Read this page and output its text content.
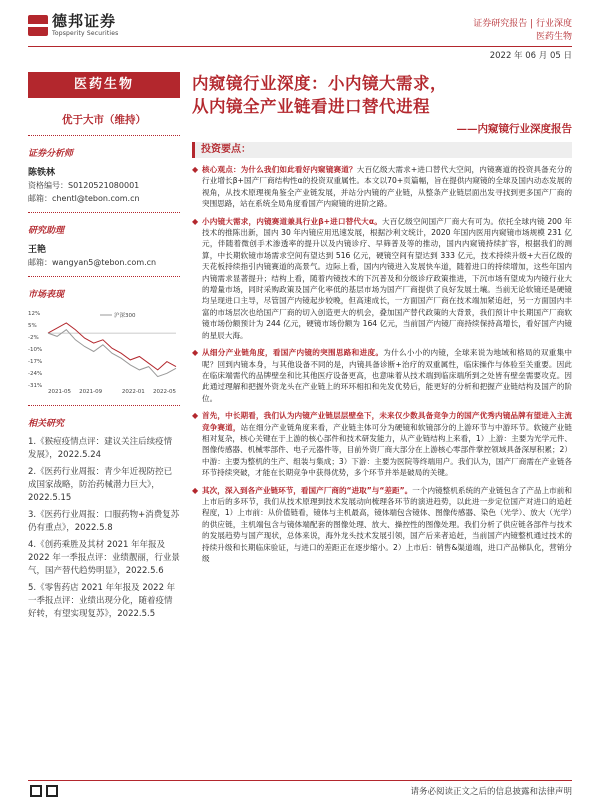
德邦证券
Topsperity Securities
证券研究报告 | 行业深度
医药生物
2022 年 06 月 05 日
医药生物
优于大市（维持）
证券分析师
陈铁林
资格编号：S0120521080001
邮箱：chentl@tebon.com.cn
研究助理
王艳
邮箱：wangyan5@tebon.com.cn
市场表现
12%
5%
-2%
-10%
-17%
-24%
-31%
沪深300
2021-05 2021-09	2022-01 2022-05
相关研究
1.《猴痘疫情点评：建议关注后续疫情发展》，2022.5.24
2.《医药行业周报：青少年近视防控已成国家战略，防治药械潜力巨大》，2022.5.15
3.《医药行业周报：口服药物+消费复苏仍有重点》，2022.5.8
4.《创药乘胜及其材 2021 年年报及 2022 年一季报点评：业绩靓丽，行业景气，国产替代趋势明显》，2022.5.6
5.《零售药店 2021 年年报及 2022 年一季报点评：业绩出现分化，随着疫情好转，有望实现复苏》，2022.5.5
内窥镜行业深度：小内镜大需求，
从内镜全产业链看进口替代进程
——内窥镜行业深度报告
投资要点：
◆ 核心观点：为什么我们如此看好内窥镜赛道？大百亿级大需求+进口替代大空间，内镜赛道的投资具备充分的行业增长β+国产厂商结构性α的投资双重属性。本文以70+页篇幅，旨在提供内窥镜的全球及国内动态发展的视角，从技术原理视角鉴全产业链发展，并站分内镜的产业链，从整条产业链层面出发寻找到更多国产厂商的突围思路，站在系统全局角度看国产内窥镜的进阶之路。
◆ 小内镜大需求，内镜赛道兼具行业β+进口替代大α。大百亿级空间国产厂商大有可为。依托全球内镜 200 年技术的推陈出新，国内 30 年内镜应用迅速发展，根据沙利文统计，2020 年国内医用内窥镜市场规模 231 亿元，伴随着微创手术渗透率的提升以及内镜诊疗、早筛普及等的推动，国内内窥镜持续扩容，根据我们的测算，中长期软镜市场需求空间有望达到 516 亿元，硬镜空间有望达到 333 亿元，技术持续升级+大百亿级的天花板持续指引内镜赛道的高景气。边际上看，国内内镜进入发展快车道，随着进口的持续增加，这些年国内内镜需求显著提升；结构上看，随着内镜技术的下沉普及和分级诊疗政策推进，下沉市场有望成为内镜行业大的增量市场，同时采购政策及国产化率低的基层市场为国产厂商提供了良好发展土壤。当前无论软镜还是硬镜均呈现进口主导，尽管国产内镜起步较晚，但高速成长，一方面国产厂商在技术端加紧追赶，另一方面国内丰富的市场层次也给国产厂商的切入创造更大的机会，叠加国产替代政策的大背景，我们预计中长期国产厂商软镜市场份额预计为 244 亿元，硬镜市场份额为 164 亿元，当前国产内镜厂商持续保持高增长，看好国产内镜的星辰大海。
◆ 从细分产业链角度，看国产内镜的突围思路和进度。为什么小小的内镜，全球来说为地域和格局的双重集中呢？回到内镜本身，与其他设备不同的是，内镜具备诊断+治疗的双重属性，临床操作与体验至关重要。因此在临床端需代的品牌壁垒和比其他医疗设备更高，也意味着从技术端到临床端所到之处皆有壁垒需要攻克。因此通过理解和把握外资龙头在产业链上的环环相扣和先发优势后，能更好的分析和把握产业链结构及国产的阶位。
◆ 首先，中长期看，我们认为内镜产业链层层壁垒下，未来仅少数具备竞争力的国产优秀内镜品牌有望进入主流竞争赛道，站在细分产业链角度来看，产业链主体可分为硬镜和软镜部分的上游环节与中游环节。软镜产业链相对复杂，核心关键在于上游的核心部件和技术研发能力，从产业链结构上来看，1）上游：主要为光学元件、图像传感器、机械零部件、电子元器件等，目前外资厂商大部分在上游核心零部件掌控领域具备深厚积累；2）中游：主要为整机的生产、组装与集成；3）下游：主要为医院等终端用户。我们认为，国产厂商需在产业链各环节持续突破，才能在长期竞争中获得优势，多个环节并举是破局的关键。
◆ 其次，深入到各产业链环节，看国产厂商的“进取”与“差距”。一个内镜整机系统的产业链包含了产品上市前和上市后的多环节，我们从技术原理到技术发展动向梳理各环节的演进趋势，以此进一步定位国产对进口的追赶程度，1）上市前：从价值链看，镜体与主机最高，镜体端包含镜体、图像传感器、染色（光学）、放大（光学）的供应链，主机端包含与镜体端配套的图像处理、放大、操控性的图像处理。我们分析了供应链各部件与技术的发展趋势与国产现状，总体来说，海外龙头技术发展引领，国产后来者追赶，当前国产内镜整机通过技术的持续升级和长期临床验证，与进口的差距正在逐步缩小。2）上市后：销售&渠道端，进口产品梯队化，营销分级
请务必阅读正文之后的信息披露和法律声明
